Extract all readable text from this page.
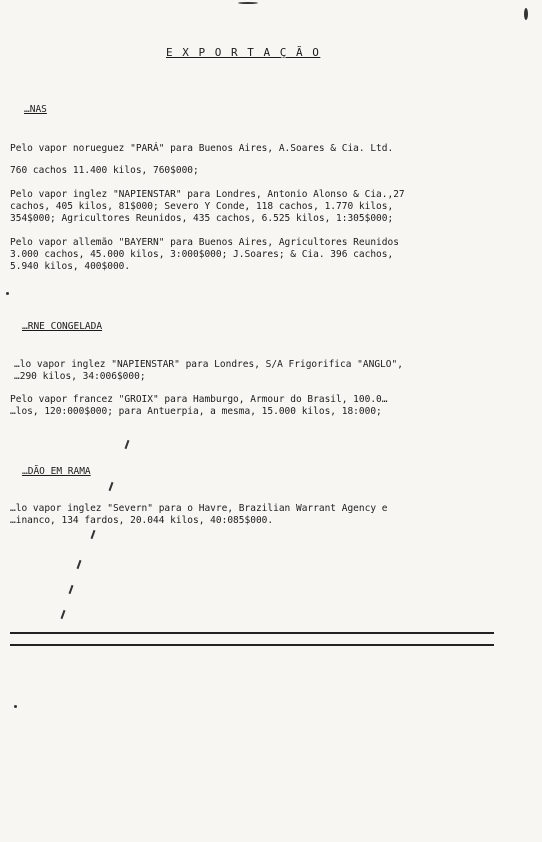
E X P O R T A Ç Ã O
…NAS
Pelo vapor norueguez "PARÁ" para Buenos Aires, A.Soares & Cia. Ltd.
760 cachos 11.400 kilos, 760$000;
Pelo vapor inglez "NAPIENSTAR" para Londres, Antonio Alonso & Cia.,27
cachos, 405 kilos, 81$000; Severo Y Conde, 118 cachos, 1.770 kilos,
354$000; Agricultores Reunidos, 435 cachos, 6.525 kilos, 1:305$000;
Pelo vapor allemão "BAYERN" para Buenos Aires, Agricultores Reunidos
3.000 cachos, 45.000 kilos, 3:000$000; J.Soares; & Cia. 396 cachos,
5.940 kilos, 400$000.
…RNE CONGELADA
…lo vapor inglez "NAPIENSTAR" para Londres, S/A Frigorifica "ANGLO",
…290 kilos, 34:006$000;
Pelo vapor francez "GROIX" para Hamburgo, Armour do Brasil, 100.0…
…los, 120:000$000; para Antuerpia, a mesma, 15.000 kilos, 18:000;
…DÃO EM RAMA
…lo vapor inglez "Severn" para o Havre, Brazilian Warrant Agency e
…inanco, 134 fardos, 20.044 kilos, 40:085$000.
